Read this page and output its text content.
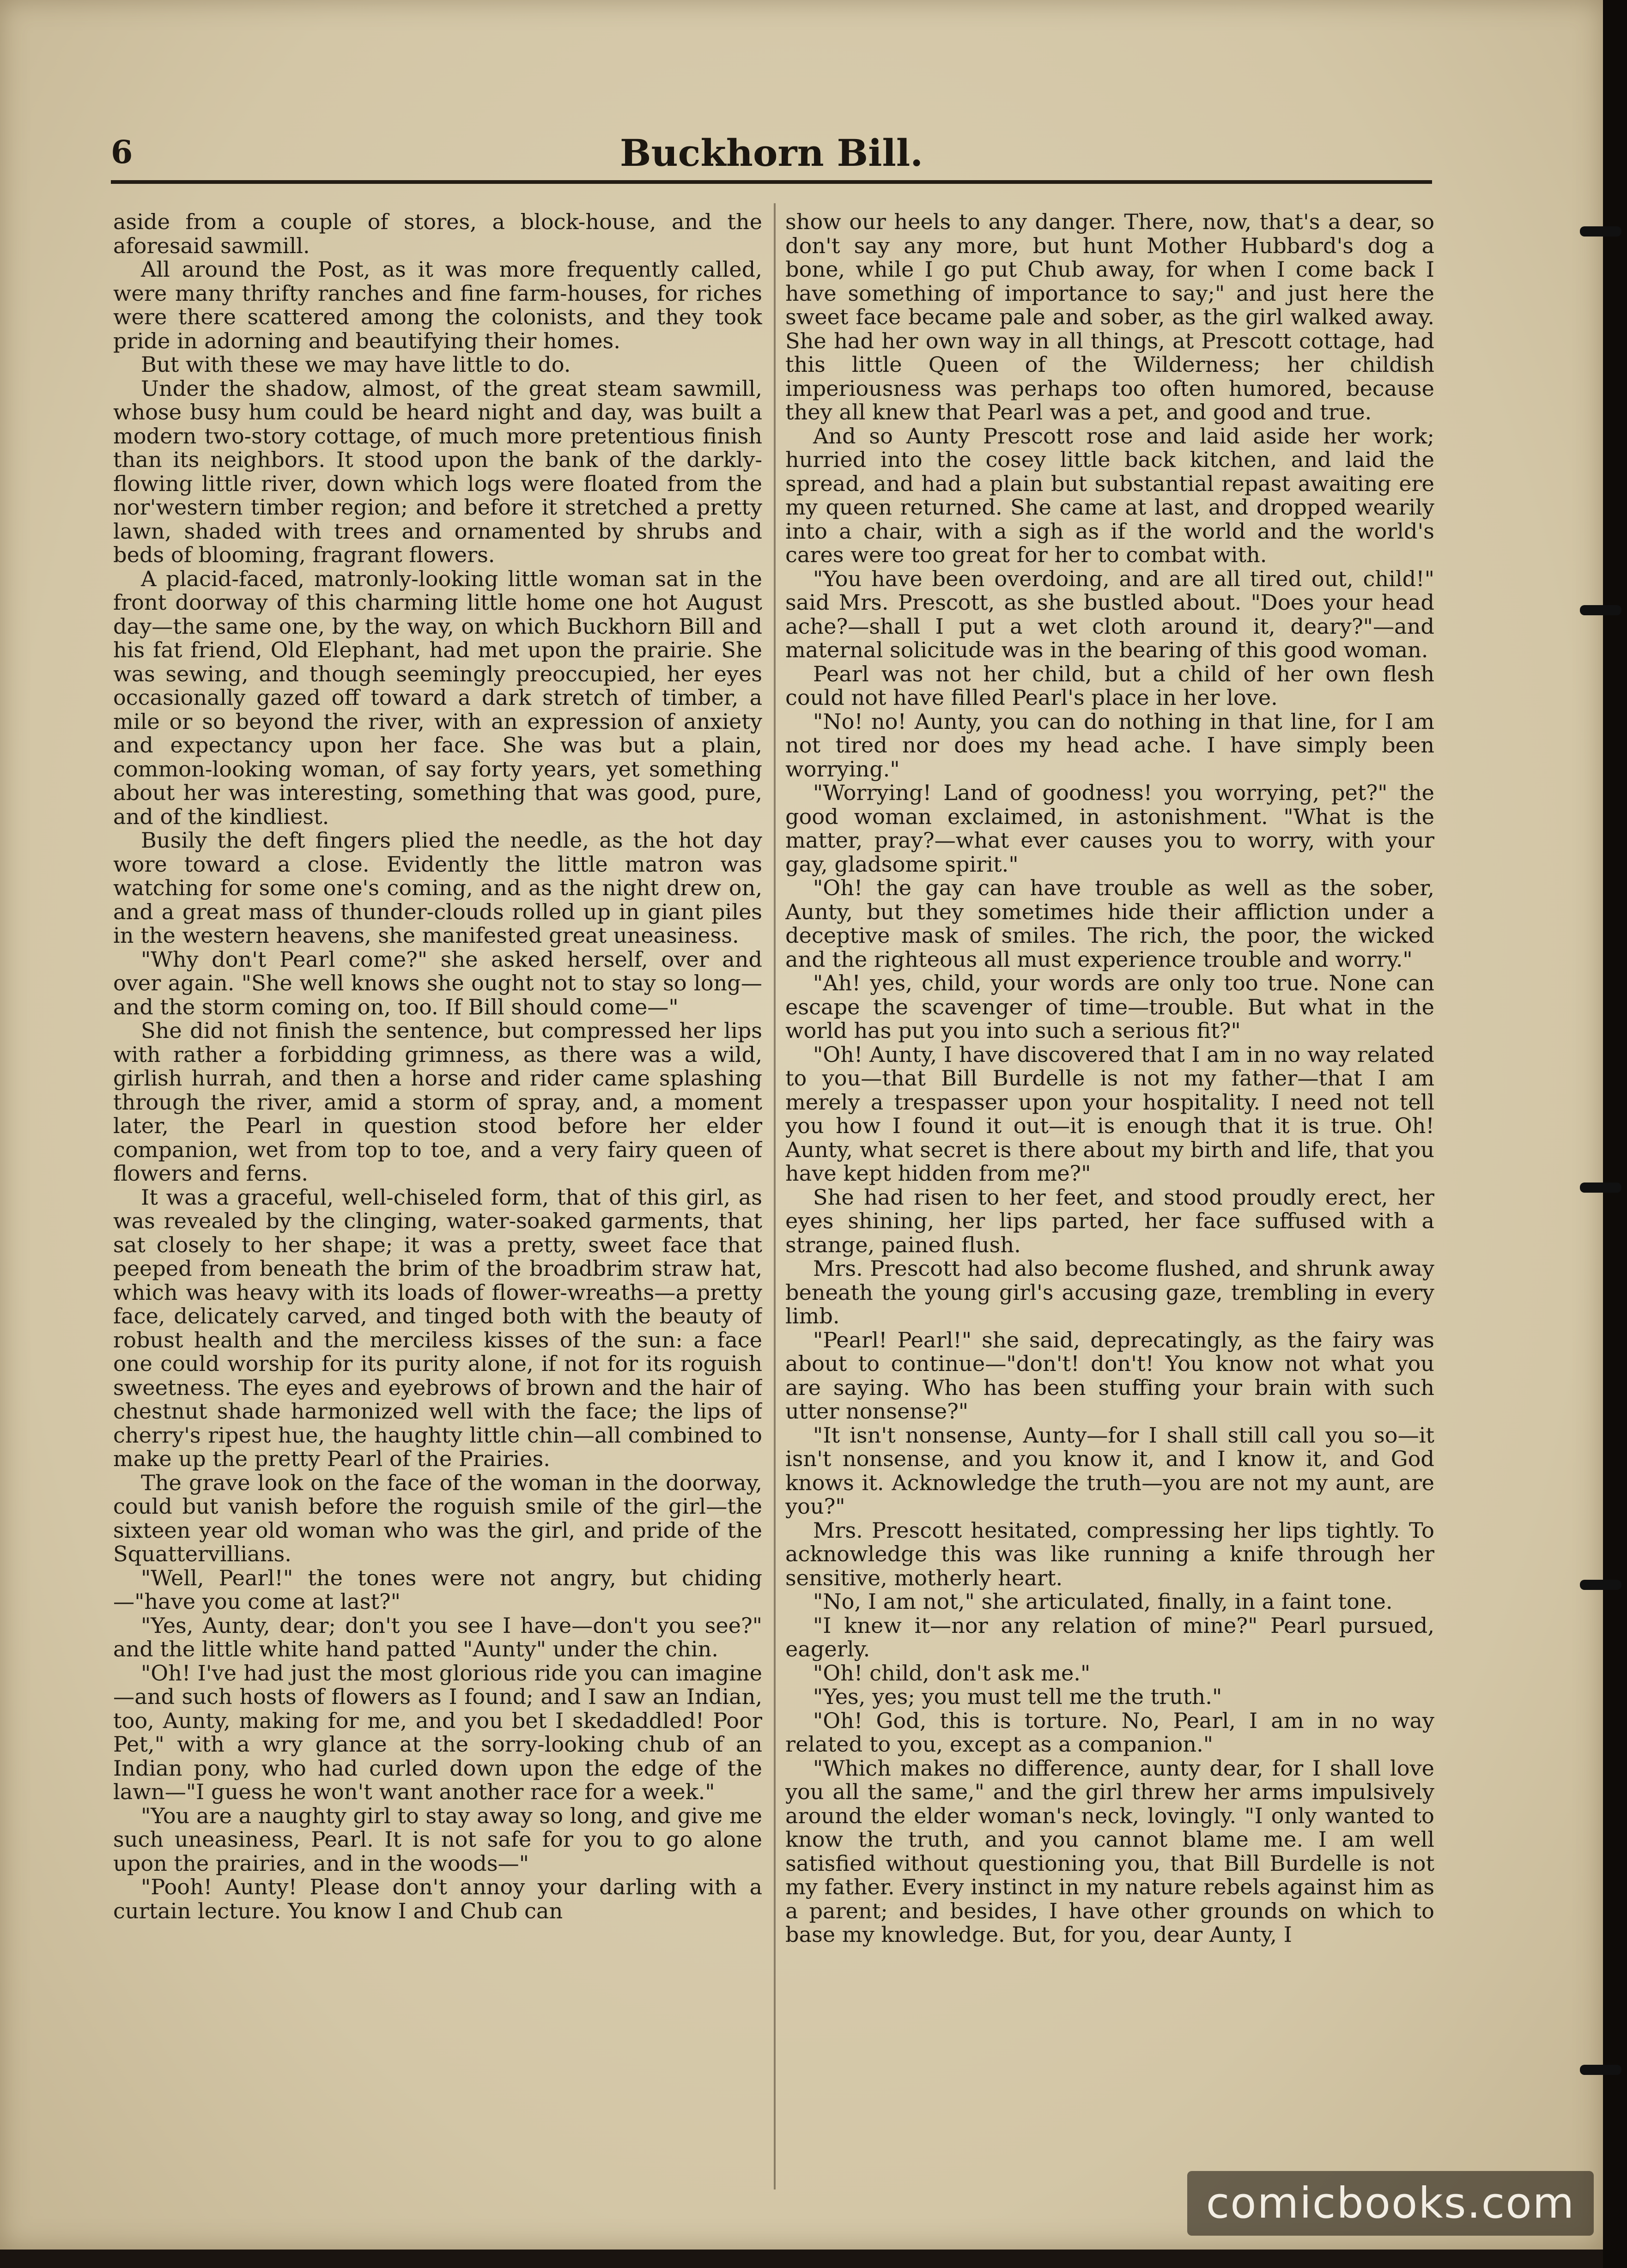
6	Buckhorn Bill.

aside from a couple of stores, a block-house, and the aforesaid sawmill.

All around the Post, as it was more frequently called, were many thrifty ranches and fine farm-houses, for riches were there scattered among the colonists, and they took pride in adorning and beautifying their homes.

But with these we may have little to do.

Under the shadow, almost, of the great steam sawmill, whose busy hum could be heard night and day, was built a modern two-story cottage, of much more pretentious finish than its neighbors. It stood upon the bank of the darkly-flowing little river, down which logs were floated from the nor'western timber region; and before it stretched a pretty lawn, shaded with trees and ornamented by shrubs and beds of blooming, fragrant flowers.

A placid-faced, matronly-looking little woman sat in the front doorway of this charming little home one hot August day—the same one, by the way, on which Buckhorn Bill and his fat friend, Old Elephant, had met upon the prairie. She was sewing, and though seemingly preoccupied, her eyes occasionally gazed off toward a dark stretch of timber, a mile or so beyond the river, with an expression of anxiety and expectancy upon her face. She was but a plain, common-looking woman, of say forty years, yet something about her was interesting, something that was good, pure, and of the kindliest.

Busily the deft fingers plied the needle, as the hot day wore toward a close. Evidently the little matron was watching for some one's coming, and as the night drew on, and a great mass of thunder-clouds rolled up in giant piles in the western heavens, she manifested great uneasiness.

"Why don't Pearl come?" she asked herself, over and over again. "She well knows she ought not to stay so long—and the storm coming on, too. If Bill should come—"

She did not finish the sentence, but compressed her lips with rather a forbidding grimness, as there was a wild, girlish hurrah, and then a horse and rider came splashing through the river, amid a storm of spray, and, a moment later, the Pearl in question stood before her elder companion, wet from top to toe, and a very fairy queen of flowers and ferns.

It was a graceful, well-chiseled form, that of this girl, as was revealed by the clinging, water-soaked garments, that sat closely to her shape; it was a pretty, sweet face that peeped from beneath the brim of the broadbrim straw hat, which was heavy with its loads of flower-wreaths—a pretty face, delicately carved, and tinged both with the beauty of robust health and the merciless kisses of the sun: a face one could worship for its purity alone, if not for its roguish sweetness. The eyes and eyebrows of brown and the hair of chestnut shade harmonized well with the face; the lips of cherry's ripest hue, the haughty little chin—all combined to make up the pretty Pearl of the Prairies.

The grave look on the face of the woman in the doorway, could but vanish before the roguish smile of the girl—the sixteen year old woman who was the girl, and pride of the Squattervillians.

"Well, Pearl!" the tones were not angry, but chiding—"have you come at last?"

"Yes, Aunty, dear; don't you see I have—don't you see?" and the little white hand patted "Aunty" under the chin.

"Oh! I've had just the most glorious ride you can imagine—and such hosts of flowers as I found; and I saw an Indian, too, Aunty, making for me, and you bet I skedaddled! Poor Pet," with a wry glance at the sorry-looking chub of an Indian pony, who had curled down upon the edge of the lawn—"I guess he won't want another race for a week."

"You are a naughty girl to stay away so long, and give me such uneasiness, Pearl. It is not safe for you to go alone upon the prairies, and in the woods—"

"Pooh! Aunty! Please don't annoy your darling with a curtain lecture. You know I and Chub can

show our heels to any danger. There, now, that's a dear, so don't say any more, but hunt Mother Hubbard's dog a bone, while I go put Chub away, for when I come back I have something of importance to say;" and just here the sweet face became pale and sober, as the girl walked away. She had her own way in all things, at Prescott cottage, had this little Queen of the Wilderness; her childish imperiousness was perhaps too often humored, because they all knew that Pearl was a pet, and good and true.

And so Aunty Prescott rose and laid aside her work; hurried into the cosey little back kitchen, and laid the spread, and had a plain but substantial repast awaiting ere my queen returned. She came at last, and dropped wearily into a chair, with a sigh as if the world and the world's cares were too great for her to combat with.

"You have been overdoing, and are all tired out, child!" said Mrs. Prescott, as she bustled about. "Does your head ache?—shall I put a wet cloth around it, deary?"—and maternal solicitude was in the bearing of this good woman.

Pearl was not her child, but a child of her own flesh could not have filled Pearl's place in her love.

"No! no! Aunty, you can do nothing in that line, for I am not tired nor does my head ache. I have simply been worrying."

"Worrying! Land of goodness! you worrying, pet?" the good woman exclaimed, in astonishment. "What is the matter, pray?—what ever causes you to worry, with your gay, gladsome spirit."

"Oh! the gay can have trouble as well as the sober, Aunty, but they sometimes hide their affliction under a deceptive mask of smiles. The rich, the poor, the wicked and the righteous all must experience trouble and worry."

"Ah! yes, child, your words are only too true. None can escape the scavenger of time—trouble. But what in the world has put you into such a serious fit?"

"Oh! Aunty, I have discovered that I am in no way related to you—that Bill Burdelle is not my father—that I am merely a trespasser upon your hospitality. I need not tell you how I found it out—it is enough that it is true. Oh! Aunty, what secret is there about my birth and life, that you have kept hidden from me?"

She had risen to her feet, and stood proudly erect, her eyes shining, her lips parted, her face suffused with a strange, pained flush.

Mrs. Prescott had also become flushed, and shrunk away beneath the young girl's accusing gaze, trembling in every limb.

"Pearl! Pearl!" she said, deprecatingly, as the fairy was about to continue—"don't! don't! You know not what you are saying. Who has been stuffing your brain with such utter nonsense?"

"It isn't nonsense, Aunty—for I shall still call you so—it isn't nonsense, and you know it, and I know it, and God knows it. Acknowledge the truth—you are not my aunt, are you?"

Mrs. Prescott hesitated, compressing her lips tightly. To acknowledge this was like running a knife through her sensitive, motherly heart.

"No, I am not," she articulated, finally, in a faint tone.

"I knew it—nor any relation of mine?" Pearl pursued, eagerly.

"Oh! child, don't ask me."

"Yes, yes; you must tell me the truth."

"Oh! God, this is torture. No, Pearl, I am in no way related to you, except as a companion."

"Which makes no difference, aunty dear, for I shall love you all the same," and the girl threw her arms impulsively around the elder woman's neck, lovingly. "I only wanted to know the truth, and you cannot blame me. I am well satisfied without questioning you, that Bill Burdelle is not my father. Every instinct in my nature rebels against him as a parent; and besides, I have other grounds on which to base my knowledge. But, for you, dear Aunty, I

comicbooks.com
